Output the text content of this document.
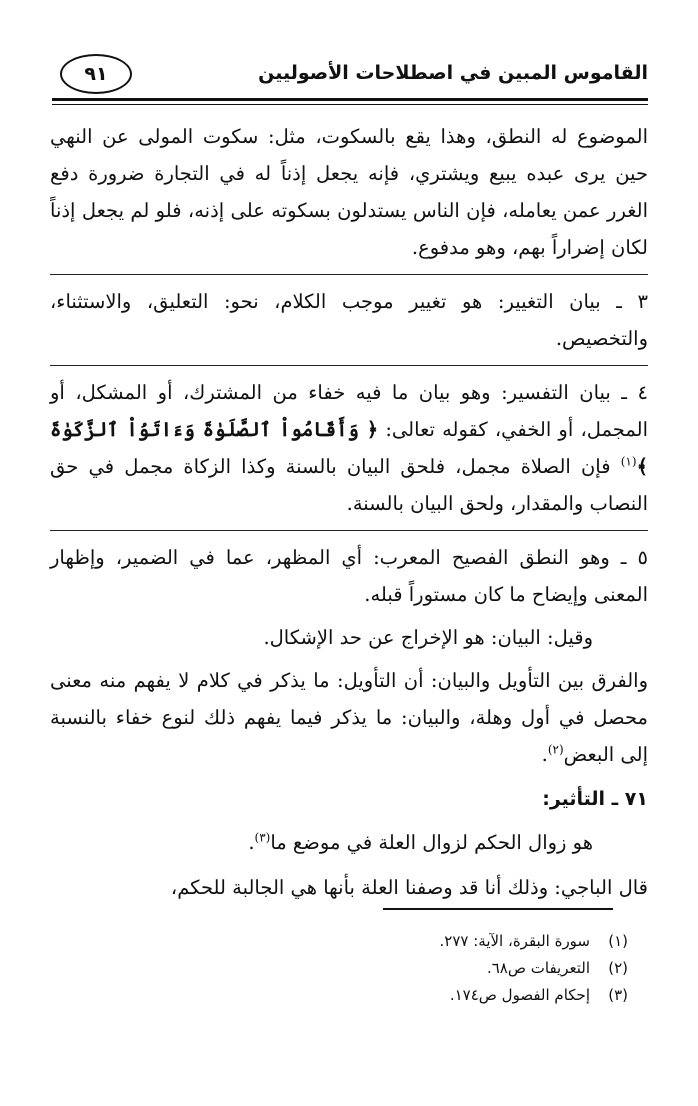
القاموس المبين في اصطلاحات الأصوليين
٩١

الموضوع له النطق، وهذا يقع بالسكوت، مثل: سكوت المولى عن النهي حين يرى عبده يبيع ويشتري، فإنه يجعل إذناً له في التجارة ضرورة دفع الغرر عمن يعامله، فإن الناس يستدلون بسكوته على إذنه، فلو لم يجعل إذناً لكان إضراراً بهم، وهو مدفوع.

٣ ـ بيان التغيير: هو تغيير موجب الكلام، نحو: التعليق، والاستثناء، والتخصيص.

٤ ـ بيان التفسير: وهو بيان ما فيه خفاء من المشترك، أو المشكل، أو المجمل، أو الخفي، كقوله تعالى: ﴿ وَأَقَامُواْ ٱلصَّلَوٰةَ وَءَاتَوُاْ ٱلزَّكَوٰةَ ﴾$^{(١)}$ فإن الصلاة مجمل، فلحق البيان بالسنة وكذا الزكاة مجمل في حق النصاب والمقدار، ولحق البيان بالسنة.

٥ ـ وهو النطق الفصيح المعرب: أي المظهر، عما في الضمير، وإظهار المعنى وإيضاح ما كان مستوراً قبله.

وقيل: البيان: هو الإخراج عن حد الإشكال.

والفرق بين التأويل والبيان: أن التأويل: ما يذكر في كلام لا يفهم منه معنى محصل في أول وهلة، والبيان: ما يذكر فيما يفهم ذلك لنوع خفاء بالنسبة إلى البعض$^{(٢)}$.

٧١ ـ التأثير:

هو زوال الحكم لزوال العلة في موضع ما$^{(٣)}$.

قال الباجي: وذلك أنا قد وصفنا العلة بأنها هي الجالبة للحكم،

(١)سورة البقرة، الآية: ٢٧٧.
(٢)التعريفات ص٦٨.
(٣)إحكام الفصول ص١٧٤.
